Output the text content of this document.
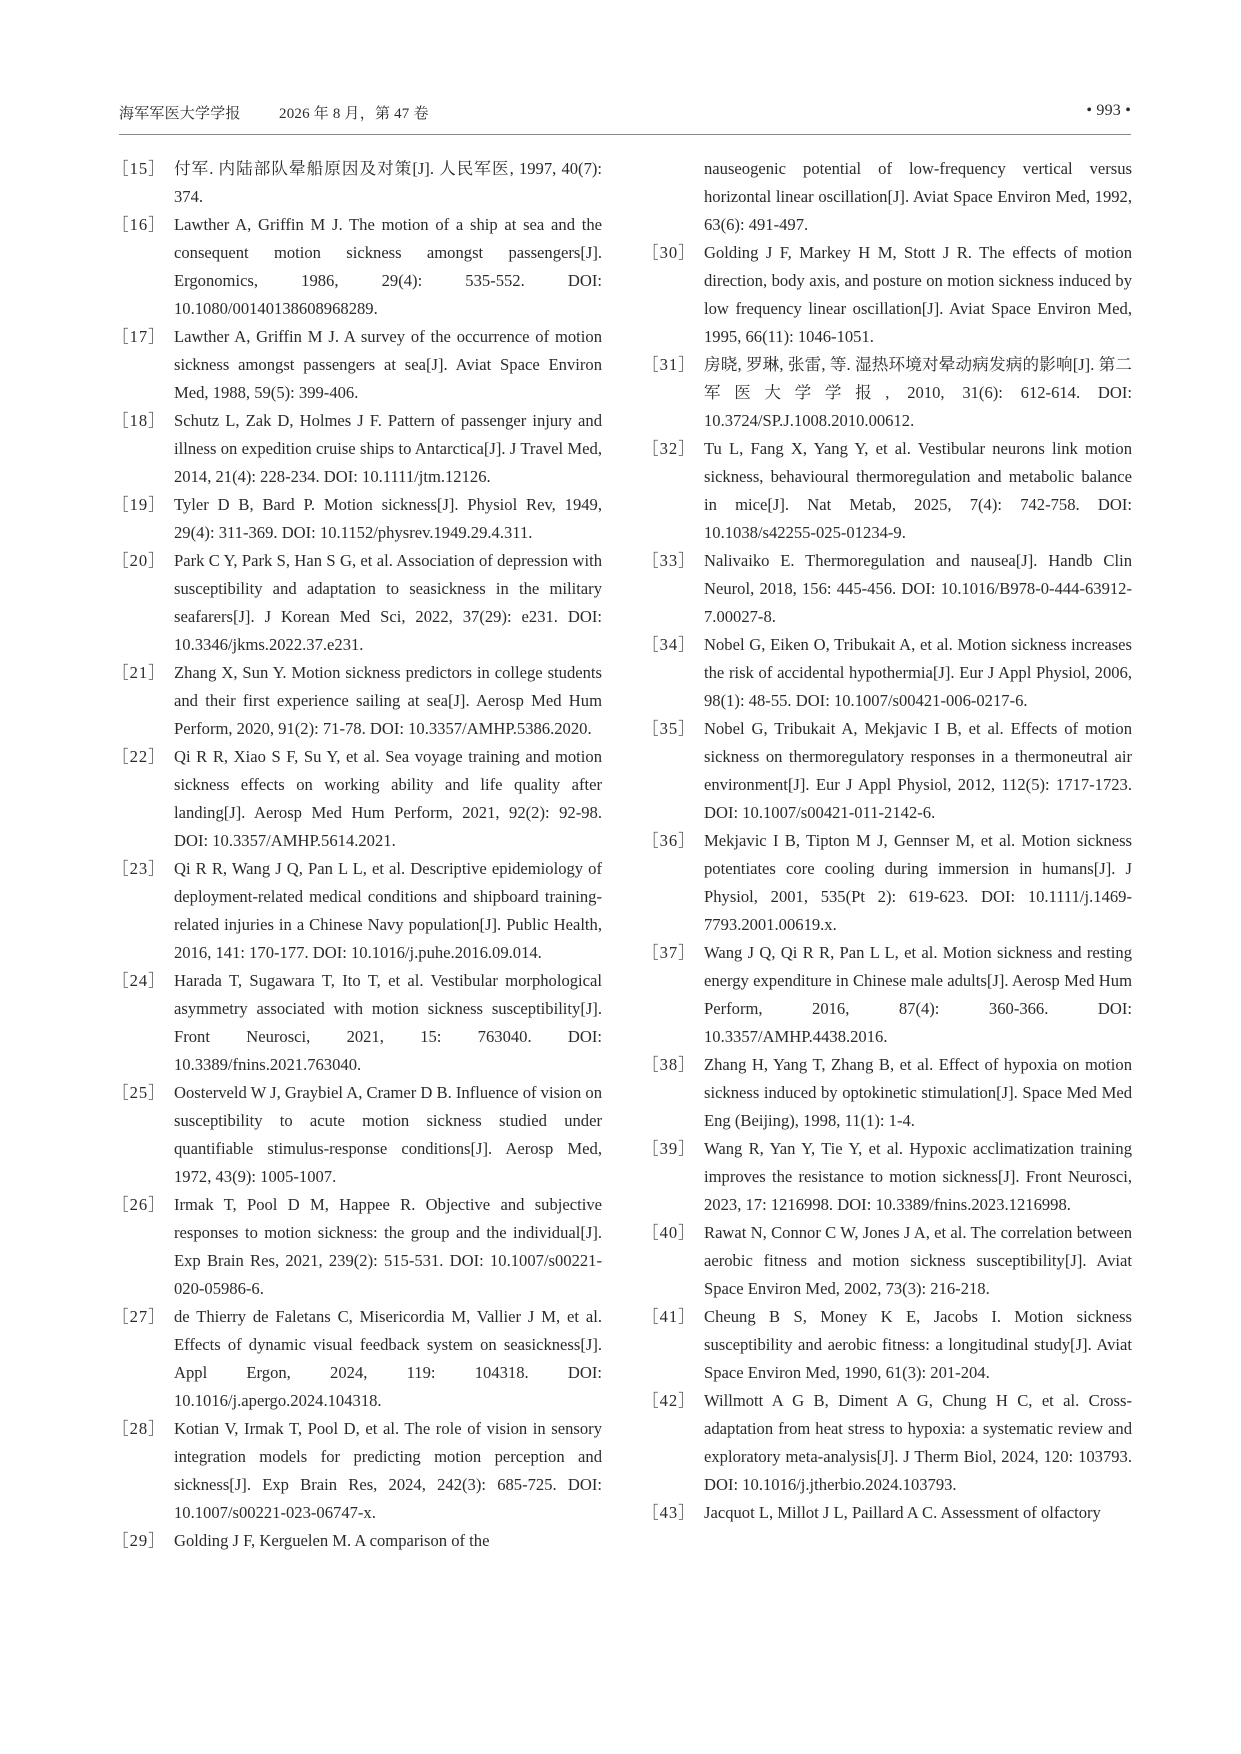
海军军医大学学报	2026 年 8 月，第 47 卷	• 993 •
［15］ 付军. 内陆部队晕船原因及对策[J]. 人民军医, 1997, 40(7): 374.
［16］ Lawther A, Griffin M J. The motion of a ship at sea and the consequent motion sickness amongst passengers[J]. Ergonomics, 1986, 29(4): 535-552. DOI: 10.1080/00140138608968289.
［17］ Lawther A, Griffin M J. A survey of the occurrence of motion sickness amongst passengers at sea[J]. Aviat Space Environ Med, 1988, 59(5): 399-406.
［18］ Schutz L, Zak D, Holmes J F. Pattern of passenger injury and illness on expedition cruise ships to Antarctica[J]. J Travel Med, 2014, 21(4): 228-234. DOI: 10.1111/jtm.12126.
［19］ Tyler D B, Bard P. Motion sickness[J]. Physiol Rev, 1949, 29(4): 311-369. DOI: 10.1152/physrev.1949.29.4.311.
［20］ Park C Y, Park S, Han S G, et al. Association of depression with susceptibility and adaptation to seasickness in the military seafarers[J]. J Korean Med Sci, 2022, 37(29): e231. DOI: 10.3346/jkms.2022.37.e231.
［21］ Zhang X, Sun Y. Motion sickness predictors in college students and their first experience sailing at sea[J]. Aerosp Med Hum Perform, 2020, 91(2): 71-78. DOI: 10.3357/AMHP.5386.2020.
［22］ Qi R R, Xiao S F, Su Y, et al. Sea voyage training and motion sickness effects on working ability and life quality after landing[J]. Aerosp Med Hum Perform, 2021, 92(2): 92-98. DOI: 10.3357/AMHP.5614.2021.
［23］ Qi R R, Wang J Q, Pan L L, et al. Descriptive epidemiology of deployment-related medical conditions and shipboard training-related injuries in a Chinese Navy population[J]. Public Health, 2016, 141: 170-177. DOI: 10.1016/j.puhe.2016.09.014.
［24］ Harada T, Sugawara T, Ito T, et al. Vestibular morphological asymmetry associated with motion sickness susceptibility[J]. Front Neurosci, 2021, 15: 763040. DOI: 10.3389/fnins.2021.763040.
［25］ Oosterveld W J, Graybiel A, Cramer D B. Influence of vision on susceptibility to acute motion sickness studied under quantifiable stimulus-response conditions[J]. Aerosp Med, 1972, 43(9): 1005-1007.
［26］ Irmak T, Pool D M, Happee R. Objective and subjective responses to motion sickness: the group and the individual[J]. Exp Brain Res, 2021, 239(2): 515-531. DOI: 10.1007/s00221-020-05986-6.
［27］ de Thierry de Faletans C, Misericordia M, Vallier J M, et al. Effects of dynamic visual feedback system on seasickness[J]. Appl Ergon, 2024, 119: 104318. DOI: 10.1016/j.apergo.2024.104318.
［28］ Kotian V, Irmak T, Pool D, et al. The role of vision in sensory integration models for predicting motion perception and sickness[J]. Exp Brain Res, 2024, 242(3): 685-725. DOI: 10.1007/s00221-023-06747-x.
［29］ Golding J F, Kerguelen M. A comparison of the
nauseogenic potential of low-frequency vertical versus horizontal linear oscillation[J]. Aviat Space Environ Med, 1992, 63(6): 491-497.
［30］ Golding J F, Markey H M, Stott J R. The effects of motion direction, body axis, and posture on motion sickness induced by low frequency linear oscillation[J]. Aviat Space Environ Med, 1995, 66(11): 1046-1051.
［31］ 房晓, 罗琳, 张雷, 等. 湿热环境对晕动病发病的影响[J]. 第二军医大学学报, 2010, 31(6): 612-614. DOI: 10.3724/SP.J.1008.2010.00612.
［32］ Tu L, Fang X, Yang Y, et al. Vestibular neurons link motion sickness, behavioural thermoregulation and metabolic balance in mice[J]. Nat Metab, 2025, 7(4): 742-758. DOI: 10.1038/s42255-025-01234-9.
［33］ Nalivaiko E. Thermoregulation and nausea[J]. Handb Clin Neurol, 2018, 156: 445-456. DOI: 10.1016/B978-0-444-63912-7.00027-8.
［34］ Nobel G, Eiken O, Tribukait A, et al. Motion sickness increases the risk of accidental hypothermia[J]. Eur J Appl Physiol, 2006, 98(1): 48-55. DOI: 10.1007/s00421-006-0217-6.
［35］ Nobel G, Tribukait A, Mekjavic I B, et al. Effects of motion sickness on thermoregulatory responses in a thermoneutral air environment[J]. Eur J Appl Physiol, 2012, 112(5): 1717-1723. DOI: 10.1007/s00421-011-2142-6.
［36］ Mekjavic I B, Tipton M J, Gennser M, et al. Motion sickness potentiates core cooling during immersion in humans[J]. J Physiol, 2001, 535(Pt 2): 619-623. DOI: 10.1111/j.1469-7793.2001.00619.x.
［37］ Wang J Q, Qi R R, Pan L L, et al. Motion sickness and resting energy expenditure in Chinese male adults[J]. Aerosp Med Hum Perform, 2016, 87(4): 360-366. DOI: 10.3357/AMHP.4438.2016.
［38］ Zhang H, Yang T, Zhang B, et al. Effect of hypoxia on motion sickness induced by optokinetic stimulation[J]. Space Med Med Eng (Beijing), 1998, 11(1): 1-4.
［39］ Wang R, Yan Y, Tie Y, et al. Hypoxic acclimatization training improves the resistance to motion sickness[J]. Front Neurosci, 2023, 17: 1216998. DOI: 10.3389/fnins.2023.1216998.
［40］ Rawat N, Connor C W, Jones J A, et al. The correlation between aerobic fitness and motion sickness susceptibility[J]. Aviat Space Environ Med, 2002, 73(3): 216-218.
［41］ Cheung B S, Money K E, Jacobs I. Motion sickness susceptibility and aerobic fitness: a longitudinal study[J]. Aviat Space Environ Med, 1990, 61(3): 201-204.
［42］ Willmott A G B, Diment A G, Chung H C, et al. Cross-adaptation from heat stress to hypoxia: a systematic review and exploratory meta-analysis[J]. J Therm Biol, 2024, 120: 103793. DOI: 10.1016/j.jtherbio.2024.103793.
［43］ Jacquot L, Millot J L, Paillard A C. Assessment of olfactory
